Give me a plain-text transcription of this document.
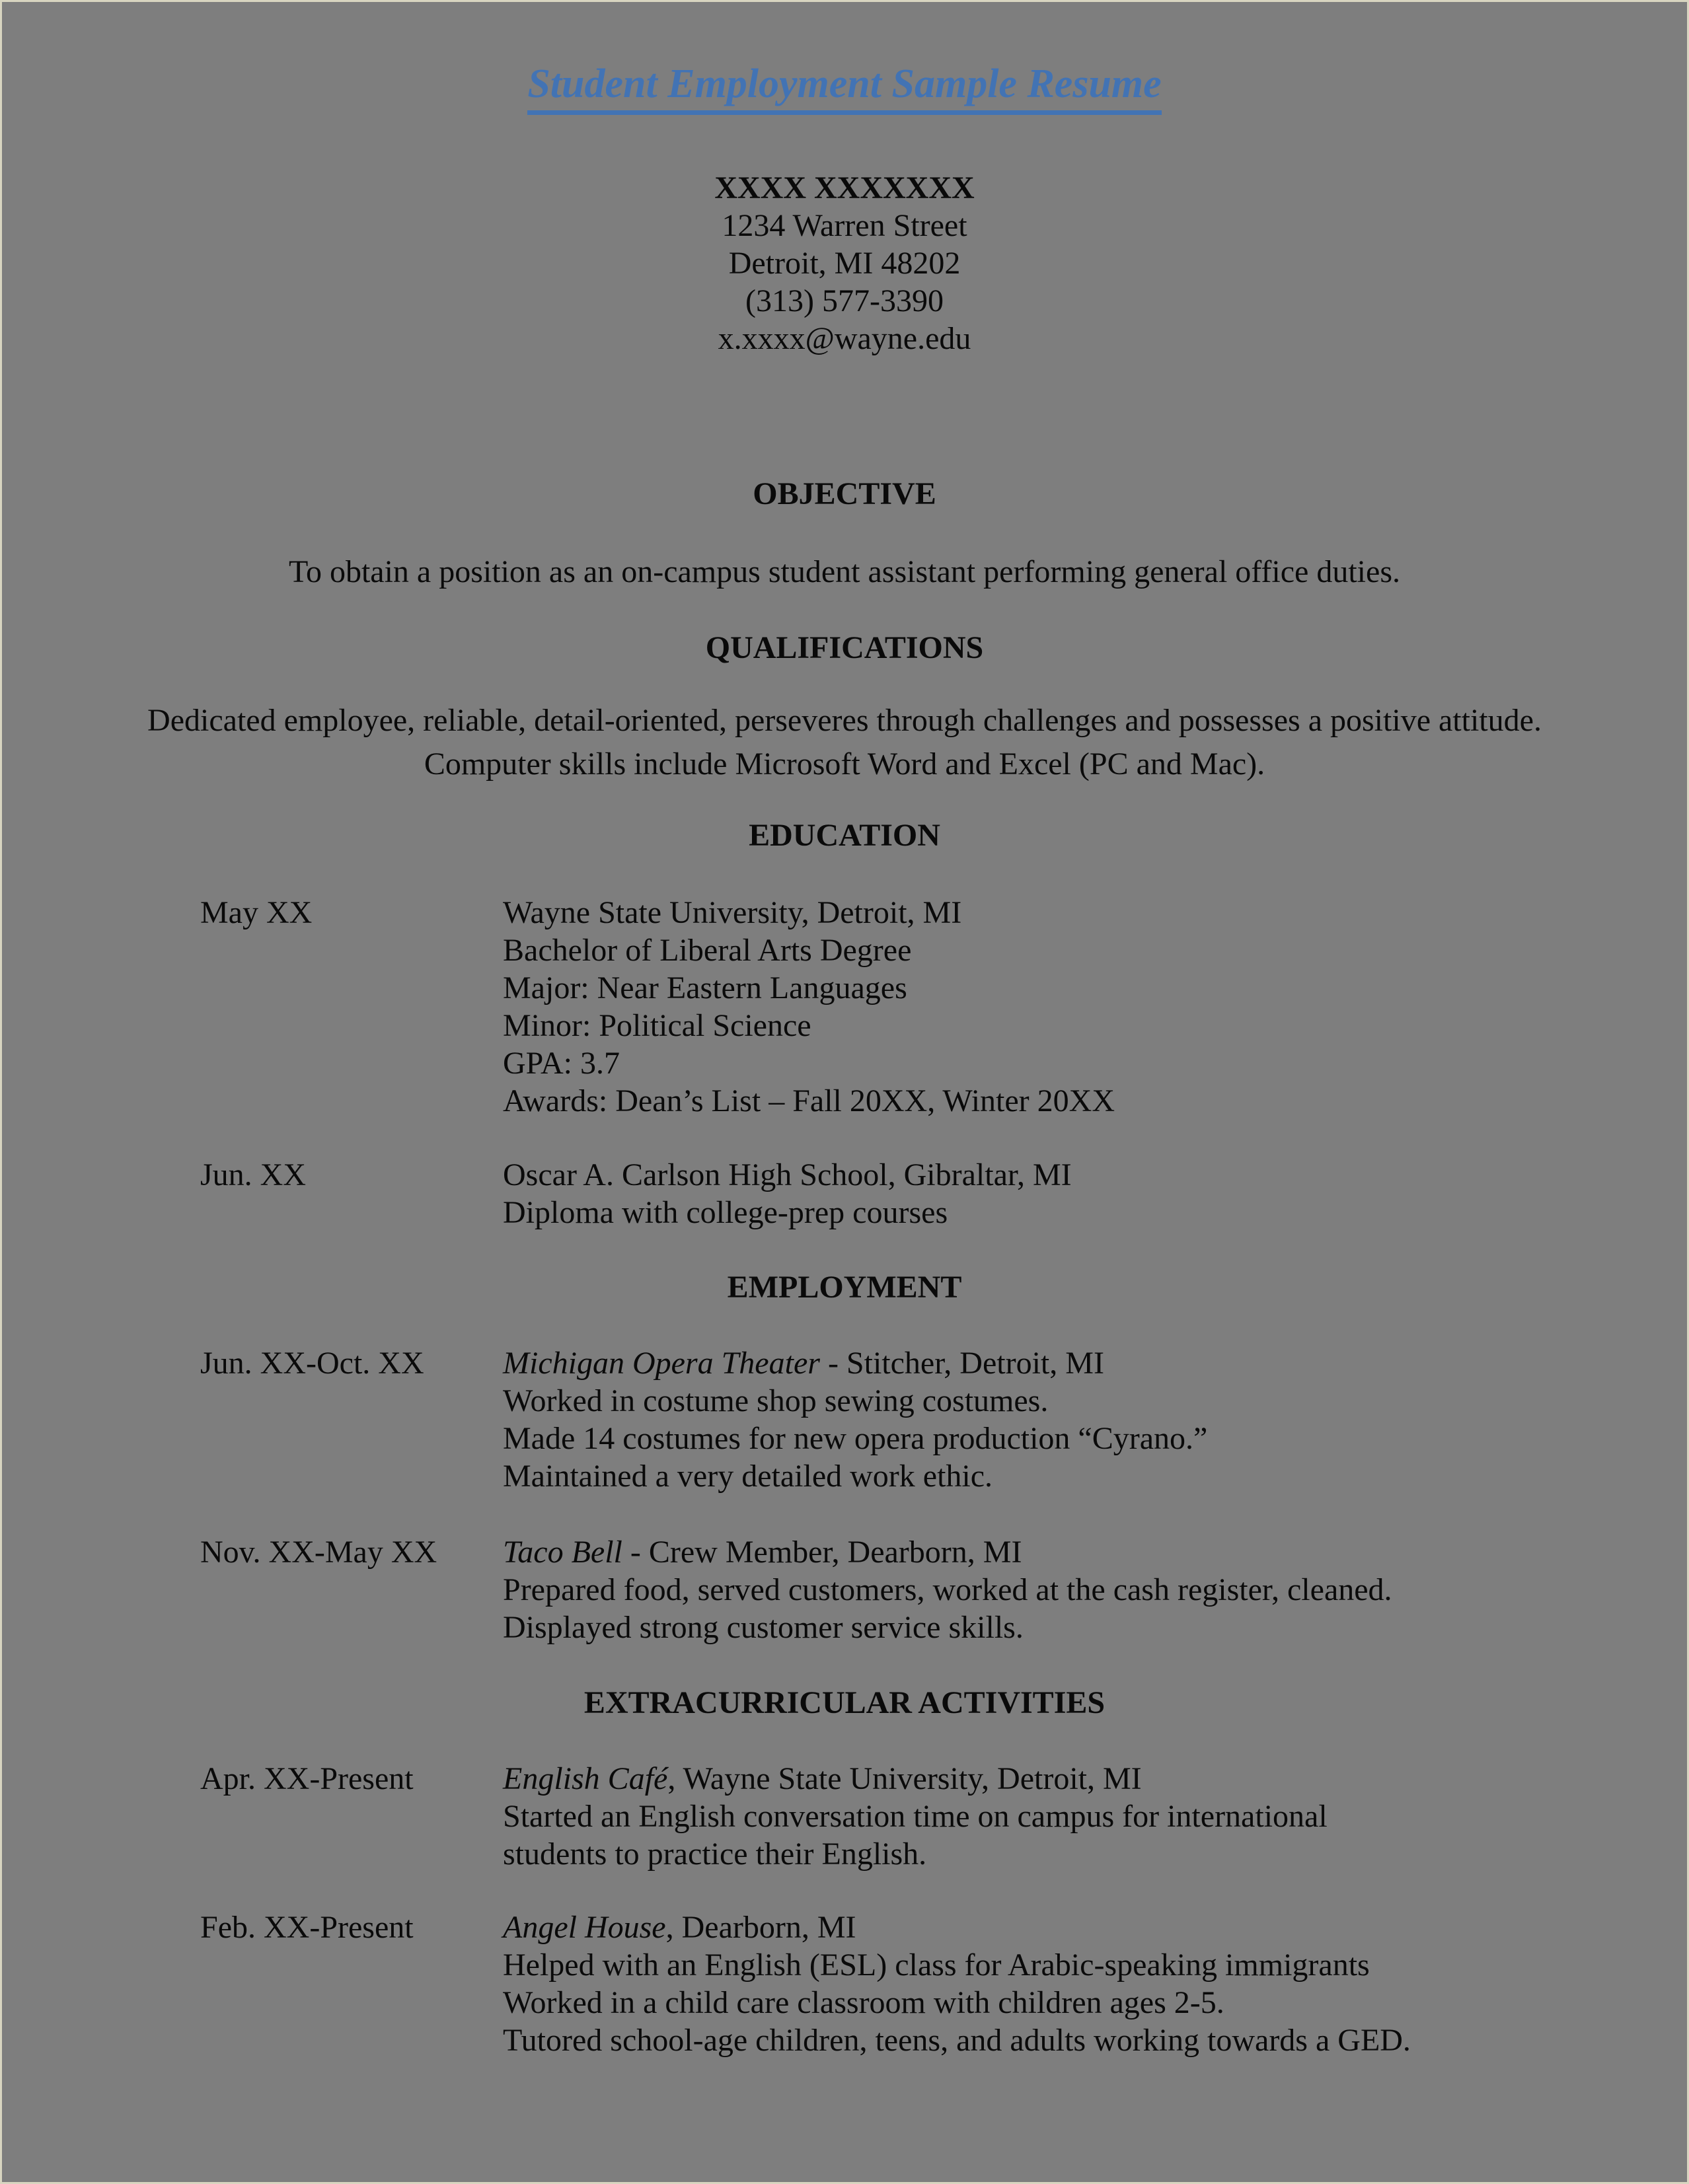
Student Employment Sample Resume
XXXX XXXXXXX
1234 Warren Street
Detroit, MI 48202
(313) 577-3390
x.xxxx@wayne.edu
OBJECTIVE
To obtain a position as an on-campus student assistant performing general office duties.
QUALIFICATIONS
Dedicated employee, reliable, detail-oriented, perseveres through challenges and possesses a positive attitude.
Computer skills include Microsoft Word and Excel (PC and Mac).
EDUCATION
May XX	Wayne State University, Detroit, MI
Bachelor of Liberal Arts Degree
Major: Near Eastern Languages
Minor: Political Science
GPA: 3.7
Awards: Dean’s List – Fall 20XX, Winter 20XX
Jun. XX	Oscar A. Carlson High School, Gibraltar, MI
Diploma with college-prep courses
EMPLOYMENT
Jun. XX-Oct. XX	Michigan Opera Theater - Stitcher, Detroit, MI
Worked in costume shop sewing costumes.
Made 14 costumes for new opera production “Cyrano.”
Maintained a very detailed work ethic.
Nov. XX-May XX	Taco Bell - Crew Member, Dearborn, MI
Prepared food, served customers, worked at the cash register, cleaned.
Displayed strong customer service skills.
EXTRACURRICULAR ACTIVITIES
Apr. XX-Present	English Café, Wayne State University, Detroit, MI
Started an English conversation time on campus for international
students to practice their English.
Feb. XX-Present	Angel House, Dearborn, MI
Helped with an English (ESL) class for Arabic-speaking immigrants
Worked in a child care classroom with children ages 2-5.
Tutored school-age children, teens, and adults working towards a GED.
